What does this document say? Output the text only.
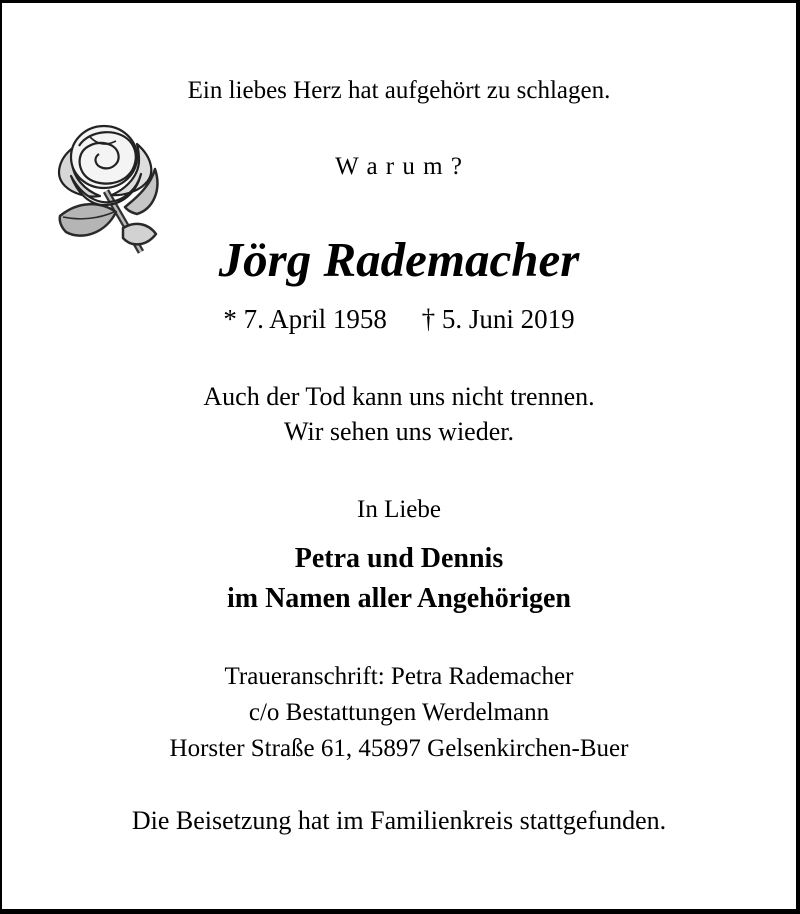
Ein liebes Herz hat aufgehört zu schlagen.
W a r u m ?
Jörg Rademacher
* 7. April 1958 † 5. Juni 2019
Auch der Tod kann uns nicht trennen.
Wir sehen uns wieder.
In Liebe
Petra und Dennis
im Namen aller Angehörigen
Traueranschrift: Petra Rademacher
c/o Bestattungen Werdelmann
Horster Straße 61, 45897 Gelsenkirchen-Buer
Die Beisetzung hat im Familienkreis stattgefunden.
